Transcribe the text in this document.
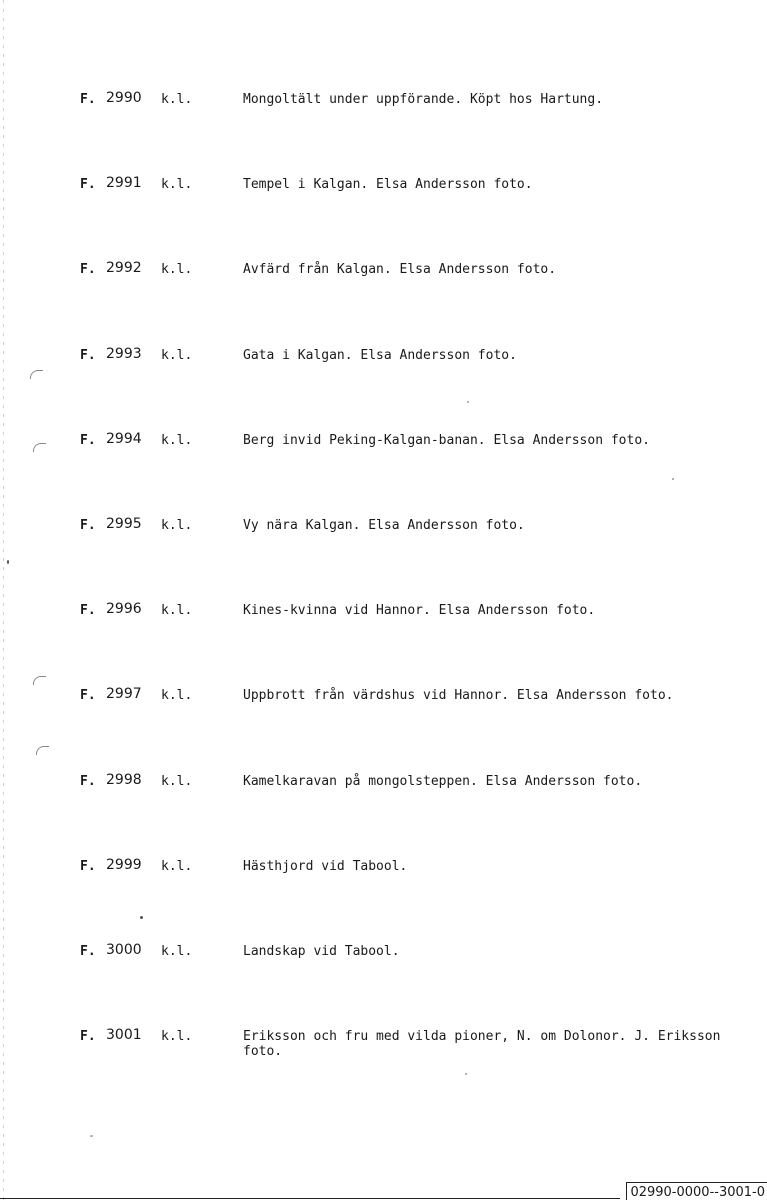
F. 2990 k.l.	Mongoltält under uppförande. Köpt hos Hartung.
F. 2991 k.l.	Tempel i Kalgan. Elsa Andersson foto.
F. 2992 k.l.	Avfärd från Kalgan. Elsa Andersson foto.
F. 2993 k.l.	Gata i Kalgan. Elsa Andersson foto.
F. 2994 k.l.	Berg invid Peking-Kalgan-banan. Elsa Andersson foto.
F. 2995 k.l.	Vy nära Kalgan. Elsa Andersson foto.
F. 2996 k.l.	Kines-kvinna vid Hannor. Elsa Andersson foto.
F. 2997 k.l.	Uppbrott från värdshus vid Hannor. Elsa Andersson foto.
F. 2998 k.l.	Kamelkaravan på mongolsteppen. Elsa Andersson foto.
F. 2999 k.l.	Hästhjord vid Tabool.
F. 3000 k.l.	Landskap vid Tabool.
F. 3001 k.l.	Eriksson och fru med vilda pioner, N. om Dolonor. J. Eriksson foto.
02990-0000--3001-0
